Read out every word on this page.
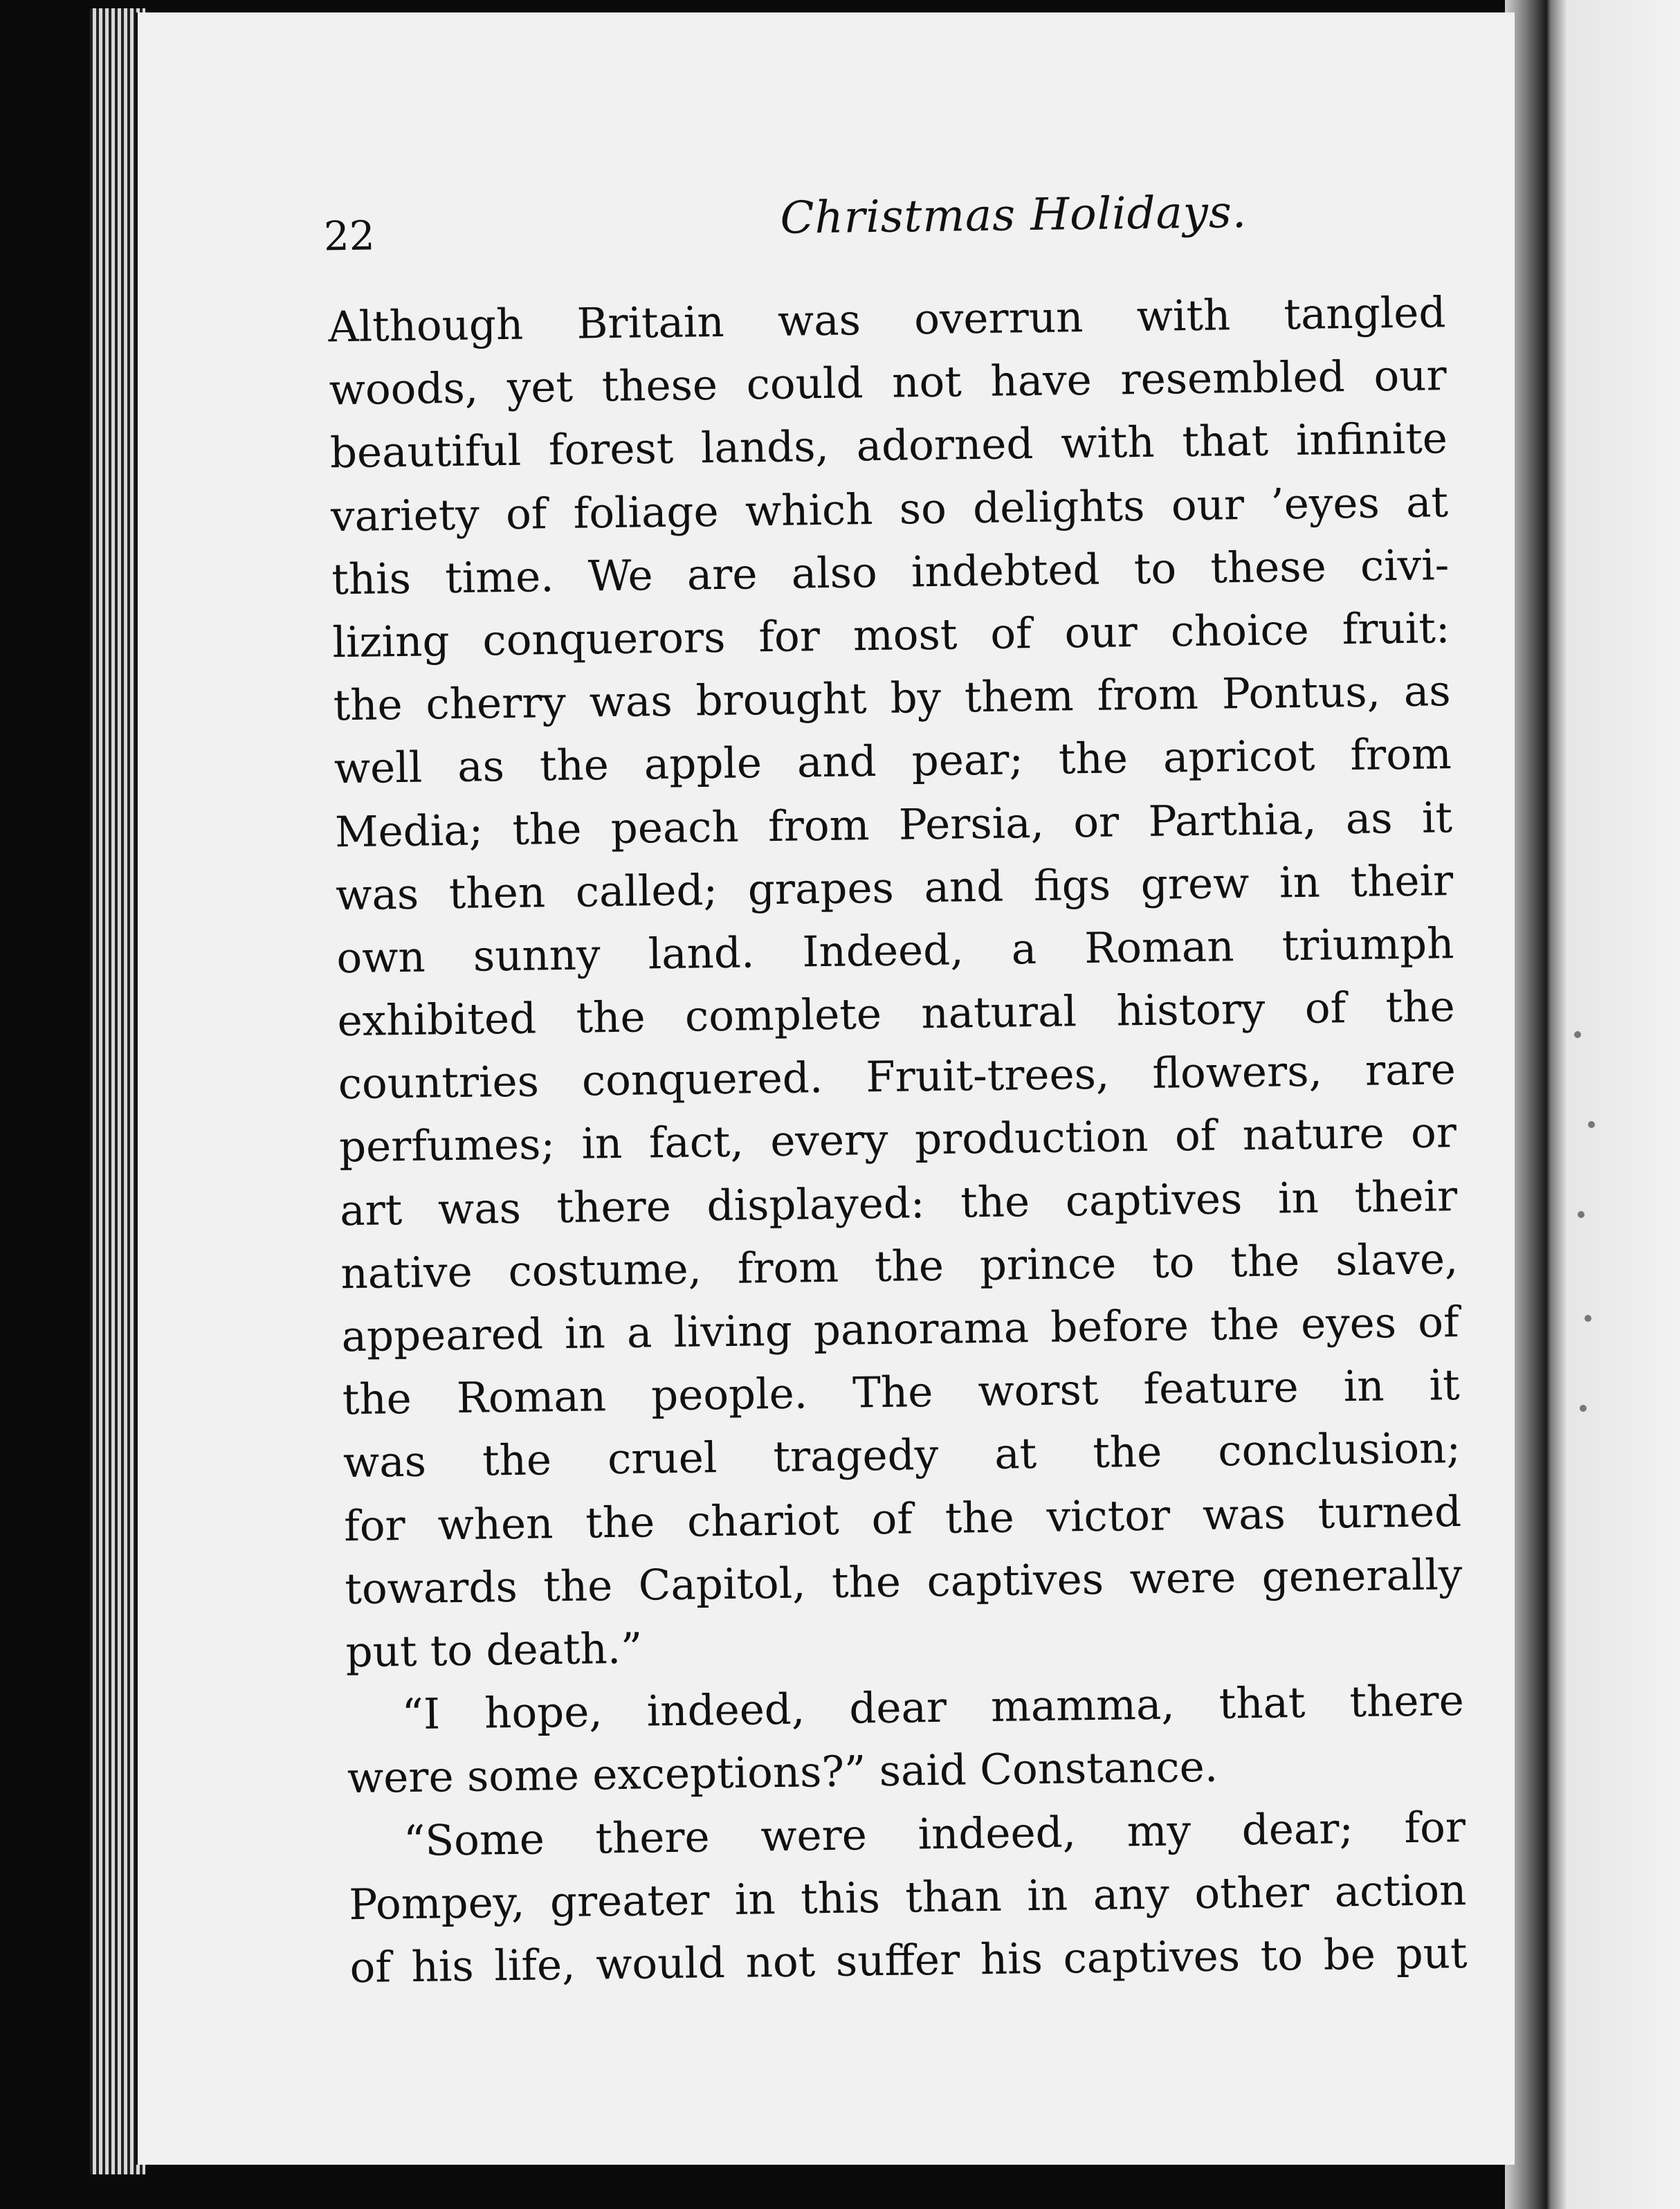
22	Christmas Holidays.
Although Britain was overrun with tangled
woods, yet these could not have resembled our
beautiful forest lands, adorned with that infinite
variety of foliage which so delights our ’eyes at
this time. We are also indebted to these civi-
lizing conquerors for most of our choice fruit:
the cherry was brought by them from Pontus, as
well as the apple and pear; the apricot from
Media; the peach from Persia, or Parthia, as it
was then called; grapes and figs grew in their
own sunny land. Indeed, a Roman triumph
exhibited the complete natural history of the
countries conquered. Fruit-trees, flowers, rare
perfumes; in fact, every production of nature or
art was there displayed: the captives in their
native costume, from the prince to the slave,
appeared in a living panorama before the eyes of
the Roman people. The worst feature in it
was the cruel tragedy at the conclusion;
for when the chariot of the victor was turned
towards the Capitol, the captives were generally
put to death.”
“I hope, indeed, dear mamma, that there
were some exceptions?” said Constance.
“Some there were indeed, my dear; for
Pompey, greater in this than in any other action
of his life, would not suffer his captives to be put
